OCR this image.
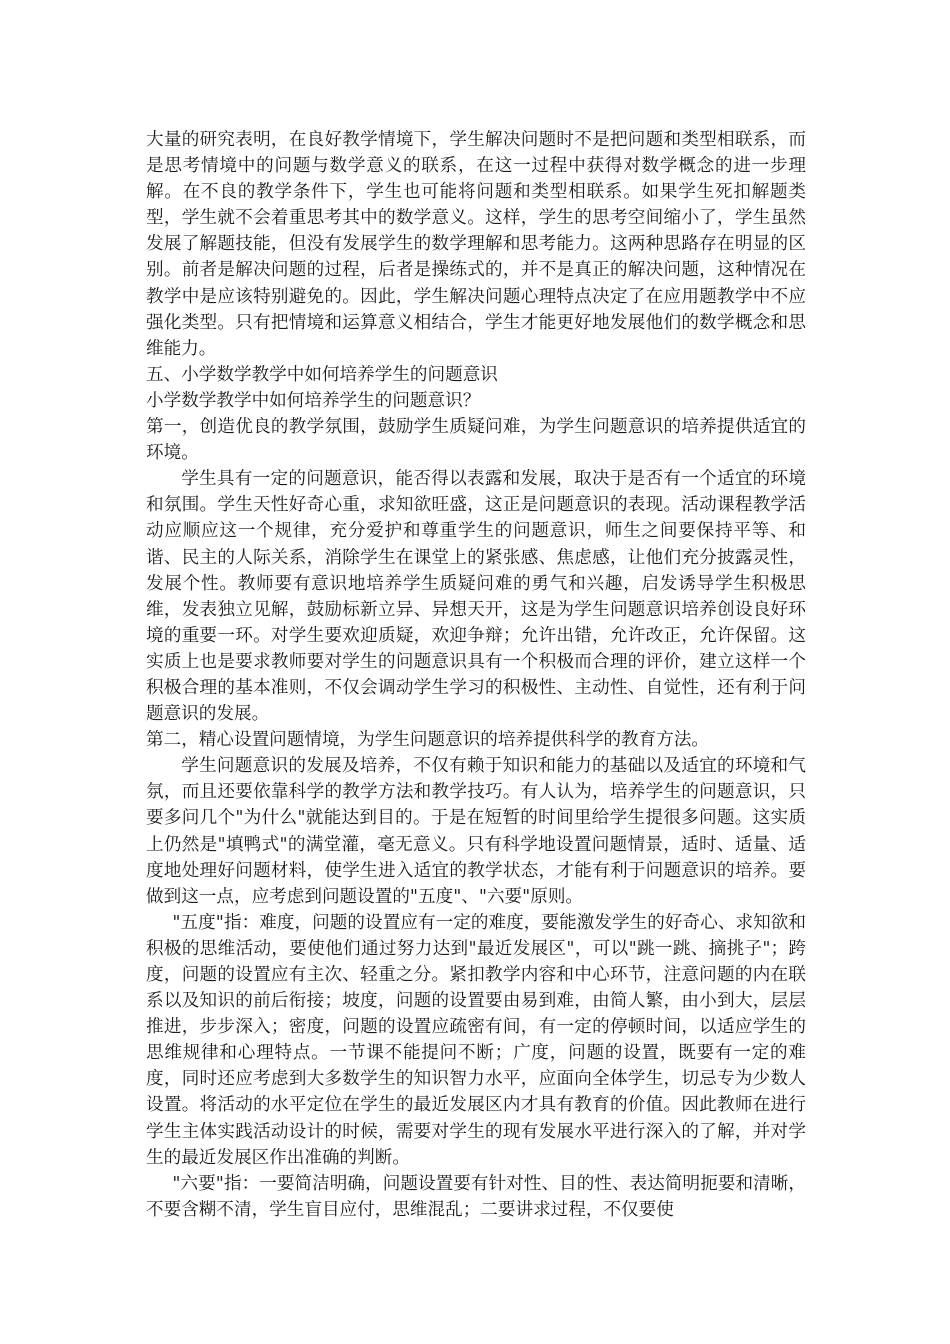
大量的研究表明，在良好教学情境下，学生解决问题时不是把问题和类型相联系，而是思考情境中的问题与数学意义的联系，在这一过程中获得对数学概念的进一步理解。在不良的教学条件下，学生也可能将问题和类型相联系。如果学生死扣解题类型，学生就不会着重思考其中的数学意义。这样，学生的思考空间缩小了，学生虽然发展了解题技能，但没有发展学生的数学理解和思考能力。这两种思路存在明显的区别。前者是解决问题的过程，后者是操练式的，并不是真正的解决问题，这种情况在教学中是应该特别避免的。因此，学生解决问题心理特点决定了在应用题教学中不应强化类型。只有把情境和运算意义相结合，学生才能更好地发展他们的数学概念和思维能力。

五、小学数学教学中如何培养学生的问题意识

小学数学教学中如何培养学生的问题意识？

第一，创造优良的教学氛围，鼓励学生质疑问难，为学生问题意识的培养提供适宜的环境。

学生具有一定的问题意识，能否得以表露和发展，取决于是否有一个适宜的环境和氛围。学生天性好奇心重，求知欲旺盛，这正是问题意识的表现。活动课程教学活动应顺应这一个规律，充分爱护和尊重学生的问题意识，师生之间要保持平等、和谐、民主的人际关系，消除学生在课堂上的紧张感、焦虑感，让他们充分披露灵性，发展个性。教师要有意识地培养学生质疑问难的勇气和兴趣，启发诱导学生积极思维，发表独立见解，鼓励标新立异、异想天开，这是为学生问题意识培养创设良好环境的重要一环。对学生要欢迎质疑，欢迎争辩；允许出错，允许改正，允许保留。这实质上也是要求教师要对学生的问题意识具有一个积极而合理的评价，建立这样一个积极合理的基本准则，不仅会调动学生学习的积极性、主动性、自觉性，还有利于问题意识的发展。

第二，精心设置问题情境，为学生问题意识的培养提供科学的教育方法。

学生问题意识的发展及培养，不仅有赖于知识和能力的基础以及适宜的环境和气氛，而且还要依靠科学的教学方法和教学技巧。有人认为，培养学生的问题意识，只要多问几个"为什么"就能达到目的。于是在短暂的时间里给学生提很多问题。这实质上仍然是"填鸭式"的满堂灌，毫无意义。只有科学地设置问题情景，适时、适量、适度地处理好问题材料，使学生进入适宜的教学状态，才能有利于问题意识的培养。要做到这一点，应考虑到问题设置的"五度"、"六要"原则。

"五度"指：难度，问题的设置应有一定的难度，要能激发学生的好奇心、求知欲和积极的思维活动，要使他们通过努力达到"最近发展区"，可以"跳一跳、摘挑子"；跨度，问题的设置应有主次、轻重之分。紧扣教学内容和中心环节，注意问题的内在联系以及知识的前后衔接；坡度，问题的设置要由易到难，由简人繁，由小到大，层层推进，步步深入；密度，问题的设置应疏密有间，有一定的停顿时间，以适应学生的思维规律和心理特点。一节课不能提问不断；广度，问题的设置，既要有一定的难度，同时还应考虑到大多数学生的知识智力水平，应面向全体学生，切忌专为少数人设置。将活动的水平定位在学生的最近发展区内才具有教育的价值。因此教师在进行学生主体实践活动设计的时候，需要对学生的现有发展水平进行深入的了解，并对学生的最近发展区作出准确的判断。

"六要"指：一要简洁明确，问题设置要有针对性、目的性、表达简明扼要和清晰，不要含糊不清，学生盲目应付，思维混乱；二要讲求过程，不仅要使
